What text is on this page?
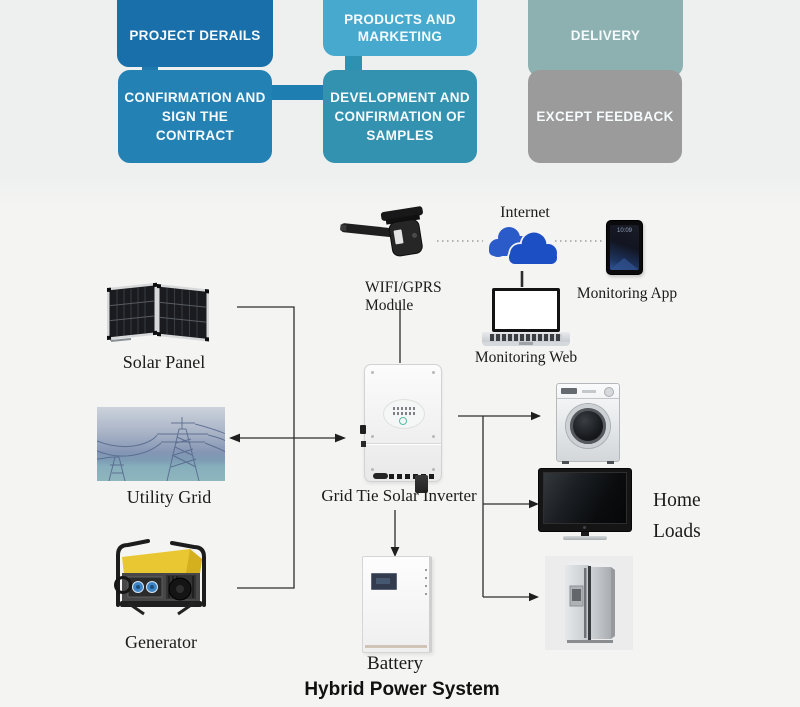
PROJECT DERAILS
PRODUCTS AND MARKETING	DELIVERY
CONFIRMATION AND SIGN THE CONTRACT
DEVELOPMENT AND CONFIRMATION OF SAMPLES
EXCEPT FEEDBACK
10:09
Internet
WIFI/GPRS
Module
Monitoring App
Monitoring Web
Solar Panel
Utility Grid
Generator
Grid Tie Solar Inverter
Battery
Home
Loads
Hybrid Power System
